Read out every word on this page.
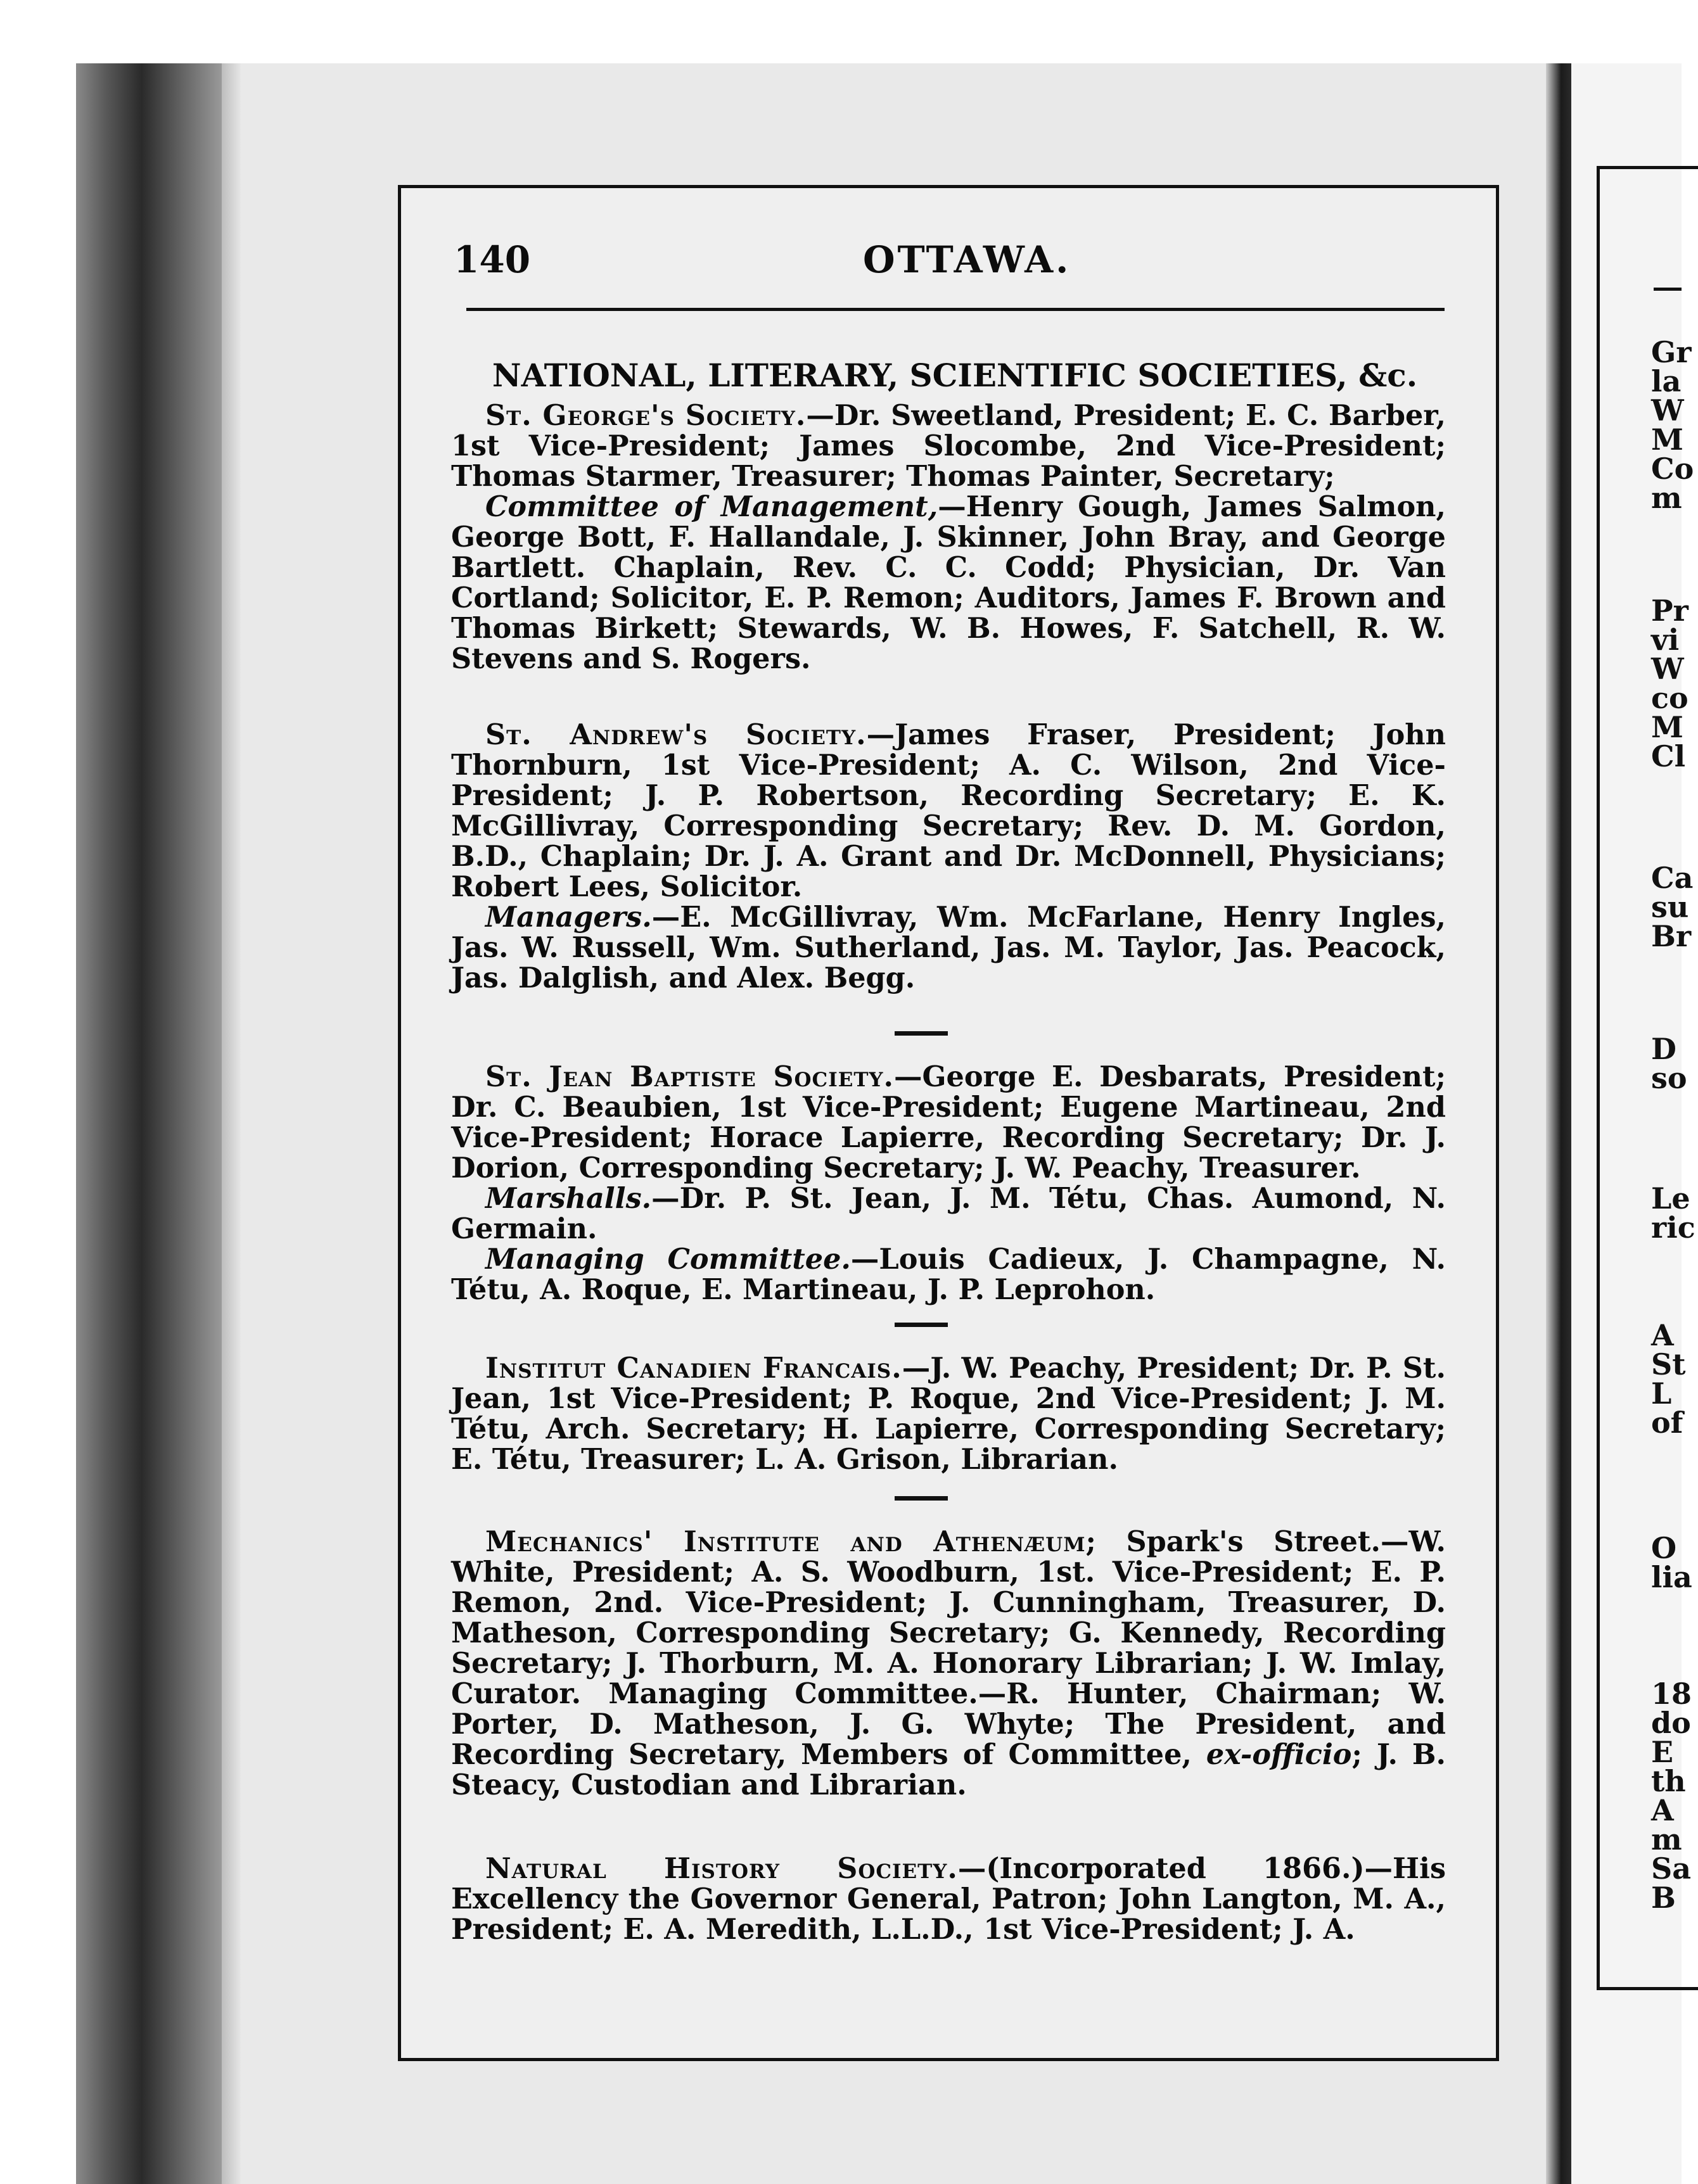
Gr
la
W
M
Co
m
Pr
vi
W
co
M
Cl
Ca
su
Br
D
so
Le
ric
A
St
L
of
O
lia
18
do
E
th
A
m
Sa
B
140	OTTAWA.
NATIONAL, LITERARY, SCIENTIFIC SOCIETIES, &c.
St. George's Society.—Dr. Sweetland, President; E. C. Barber, 1st Vice-President; James Slocombe, 2nd Vice-President; Thomas Starmer, Treasurer; Thomas Painter, Secretary;
Committee of Management,—Henry Gough, James Salmon, George Bott, F. Hallandale, J. Skinner, John Bray, and George Bartlett. Chaplain, Rev. C. C. Codd; Physician, Dr. Van Cortland; Solicitor, E. P. Remon; Auditors, James F. Brown and Thomas Birkett; Stewards, W. B. Howes, F. Satchell, R. W. Stevens and S. Rogers.
St. Andrew's Society.—James Fraser, President; John Thornburn, 1st Vice-President; A. C. Wilson, 2nd Vice-President; J. P. Robertson, Recording Secretary; E. K. McGillivray, Corresponding Secretary; Rev. D. M. Gordon, B.D., Chaplain; Dr. J. A. Grant and Dr. McDonnell, Physicians; Robert Lees, Solicitor.
Managers.—E. McGillivray, Wm. McFarlane, Henry Ingles, Jas. W. Russell, Wm. Sutherland, Jas. M. Taylor, Jas. Peacock, Jas. Dalglish, and Alex. Begg.
St. Jean Baptiste Society.—George E. Desbarats, President; Dr. C. Beaubien, 1st Vice-President; Eugene Martineau, 2nd Vice-President; Horace Lapierre, Recording Secretary; Dr. J. Dorion, Corresponding Secretary; J. W. Peachy, Treasurer.
Marshalls.—Dr. P. St. Jean, J. M. Tétu, Chas. Aumond, N. Germain.
Managing Committee.—Louis Cadieux, J. Champagne, N. Tétu, A. Roque, E. Martineau, J. P. Leprohon.
Institut Canadien Francais.—J. W. Peachy, President; Dr. P. St. Jean, 1st Vice-President; P. Roque, 2nd Vice-President; J. M. Tétu, Arch. Secretary; H. Lapierre, Corresponding Secretary; E. Tétu, Treasurer; L. A. Grison, Librarian.
Mechanics' Institute and Athenæum; Spark's Street.—W. White, President; A. S. Woodburn, 1st. Vice-President; E. P. Remon, 2nd. Vice-President; J. Cunningham, Treasurer, D. Matheson, Corresponding Secretary; G. Kennedy, Recording Secretary; J. Thorburn, M. A. Honorary Librarian; J. W. Imlay, Curator. Managing Committee.—R. Hunter, Chairman; W. Porter, D. Matheson, J. G. Whyte; The President, and Recording Secretary, Members of Committee, ex-officio; J. B. Steacy, Custodian and Librarian.
Natural History Society.—(Incorporated 1866.)—His Excellency the Governor General, Patron; John Langton, M. A., President; E. A. Meredith, L.L.D., 1st Vice-President; J. A.
